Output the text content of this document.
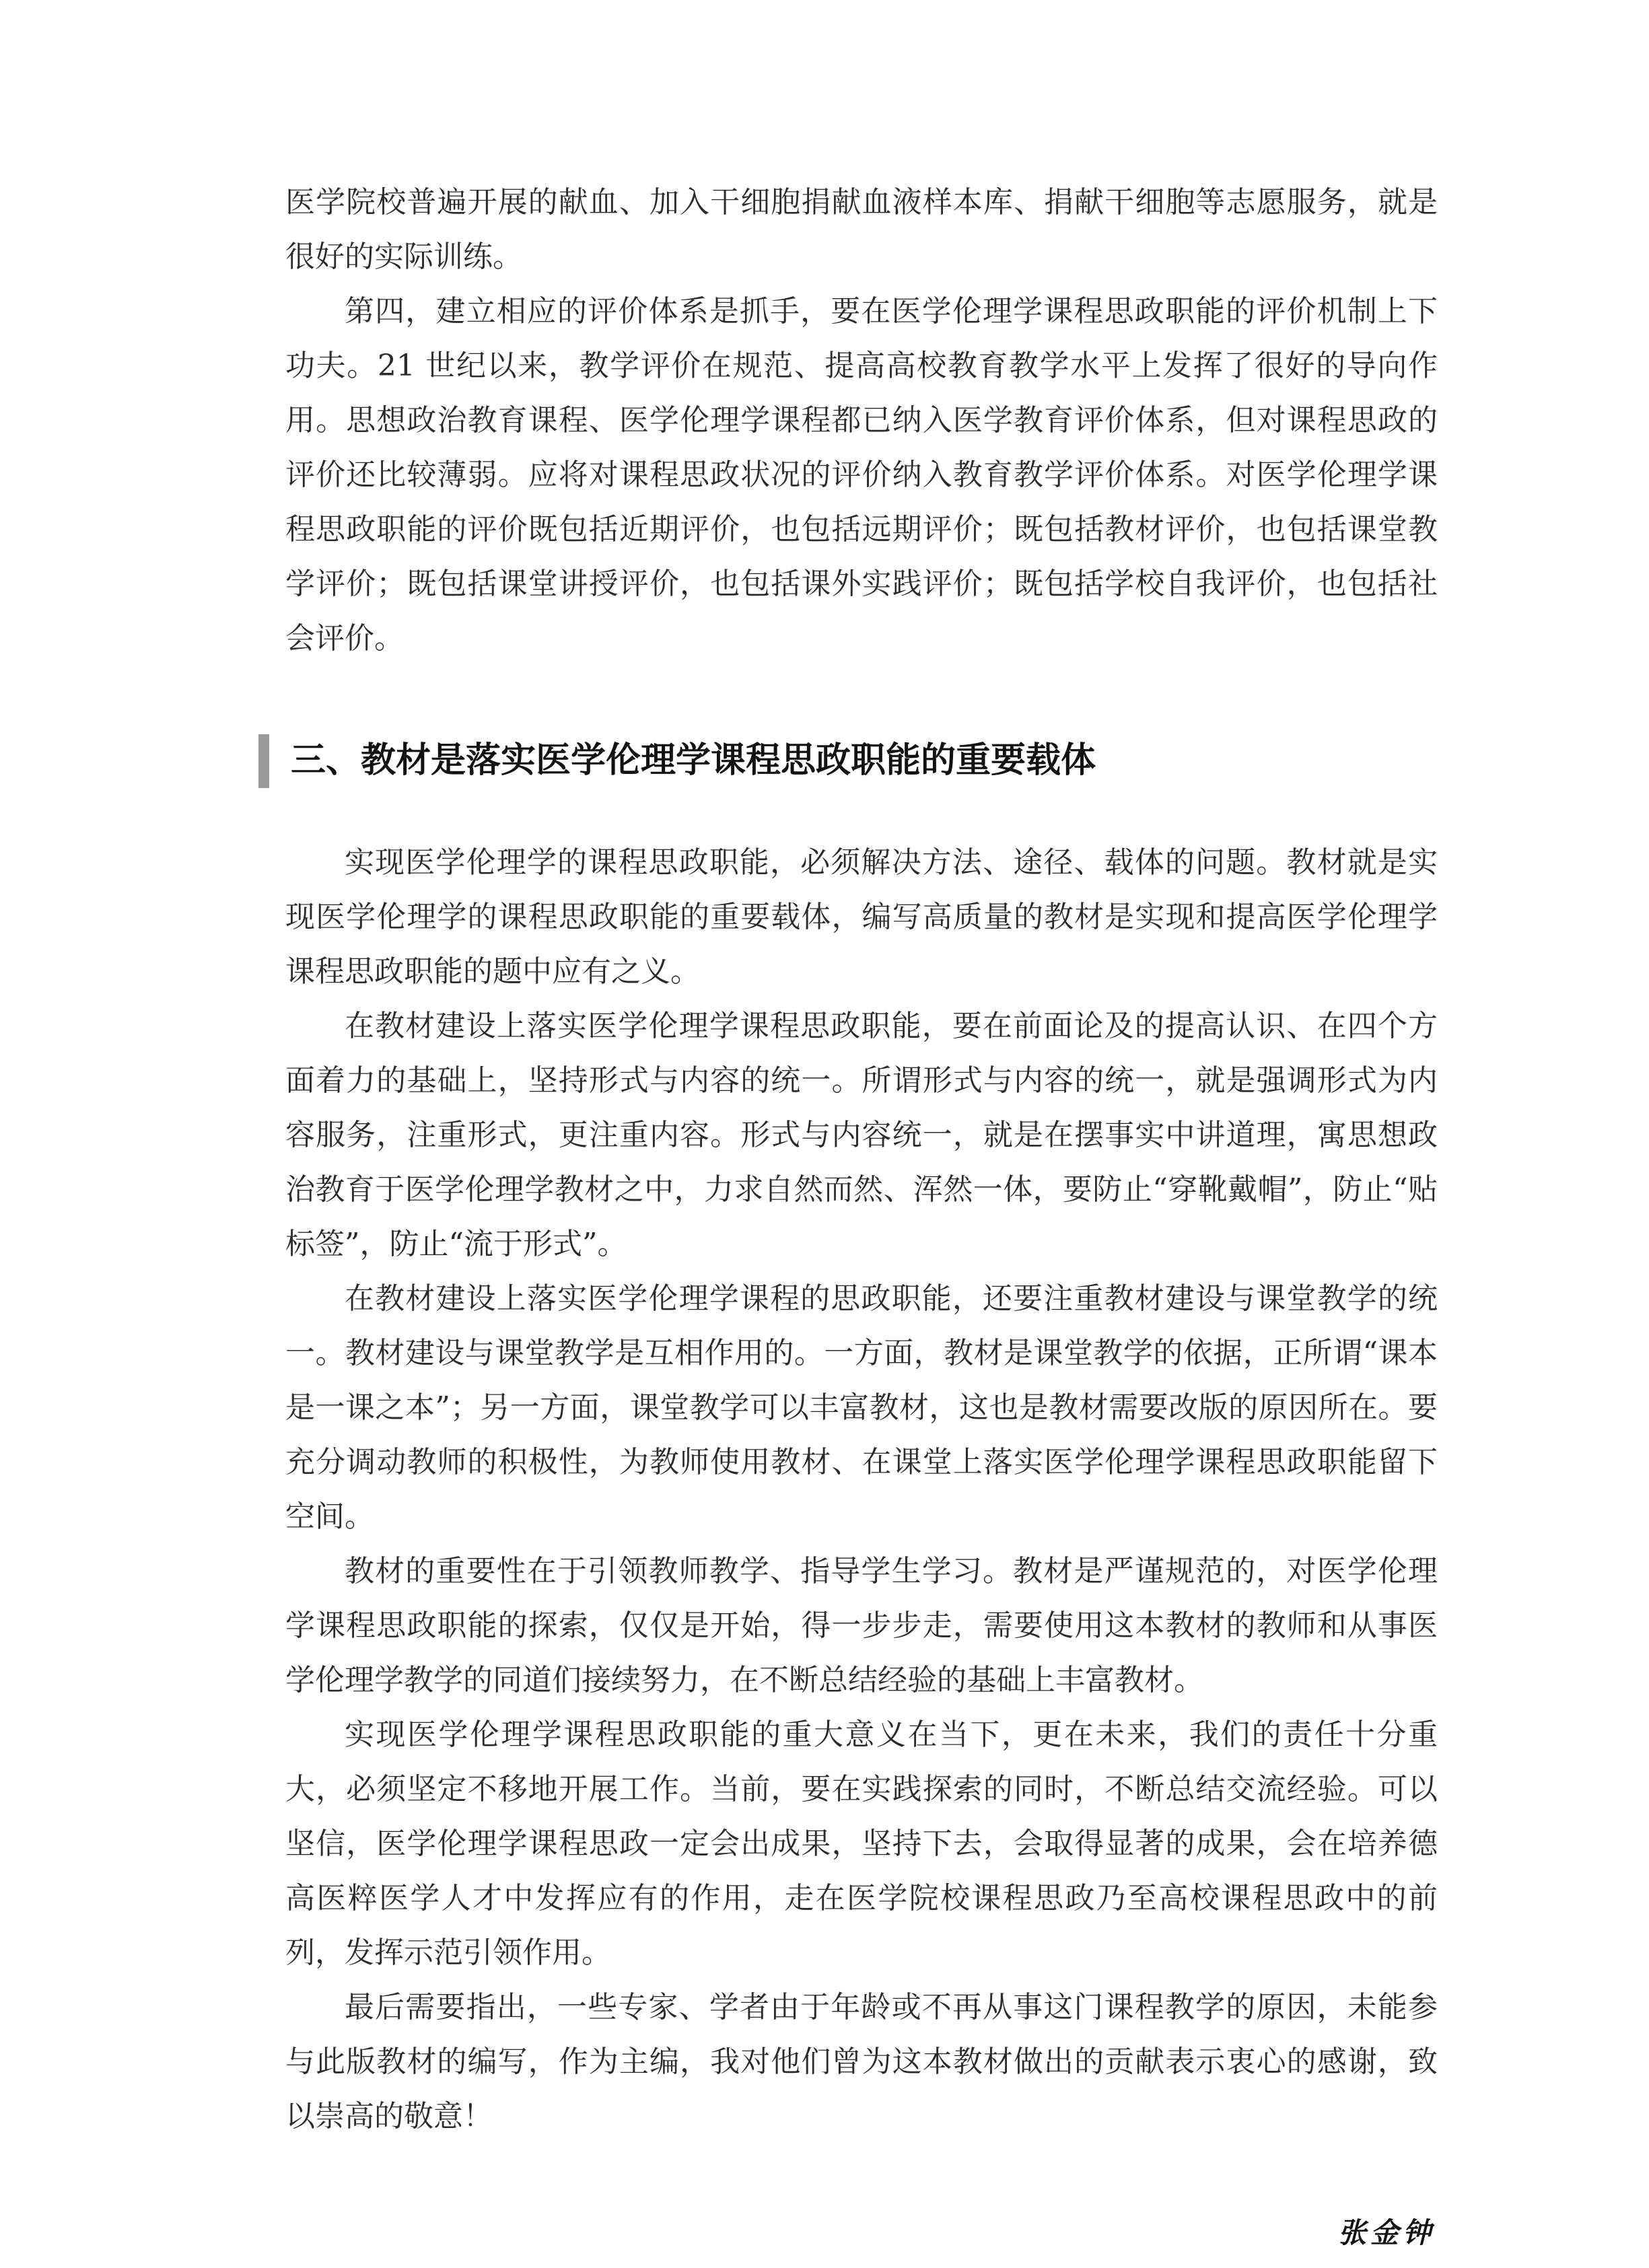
医学院校普遍开展的献血、加入干细胞捐献血液样本库、捐献干细胞等志愿服务，就是很好的实际训练。

第四，建立相应的评价体系是抓手，要在医学伦理学课程思政职能的评价机制上下功夫。21 世纪以来，教学评价在规范、提高高校教育教学水平上发挥了很好的导向作用。思想政治教育课程、医学伦理学课程都已纳入医学教育评价体系，但对课程思政的评价还比较薄弱。应将对课程思政状况的评价纳入教育教学评价体系。对医学伦理学课程思政职能的评价既包括近期评价，也包括远期评价；既包括教材评价，也包括课堂教学评价；既包括课堂讲授评价，也包括课外实践评价；既包括学校自我评价，也包括社会评价。

三、教材是落实医学伦理学课程思政职能的重要载体

实现医学伦理学的课程思政职能，必须解决方法、途径、载体的问题。教材就是实现医学伦理学的课程思政职能的重要载体，编写高质量的教材是实现和提高医学伦理学课程思政职能的题中应有之义。

在教材建设上落实医学伦理学课程思政职能，要在前面论及的提高认识、在四个方面着力的基础上，坚持形式与内容的统一。所谓形式与内容的统一，就是强调形式为内容服务，注重形式，更注重内容。形式与内容统一，就是在摆事实中讲道理，寓思想政治教育于医学伦理学教材之中，力求自然而然、浑然一体，要防止“穿靴戴帽”，防止“贴标签”，防止“流于形式”。

在教材建设上落实医学伦理学课程的思政职能，还要注重教材建设与课堂教学的统一。教材建设与课堂教学是互相作用的。一方面，教材是课堂教学的依据，正所谓“课本是一课之本”；另一方面，课堂教学可以丰富教材，这也是教材需要改版的原因所在。要充分调动教师的积极性，为教师使用教材、在课堂上落实医学伦理学课程思政职能留下空间。

教材的重要性在于引领教师教学、指导学生学习。教材是严谨规范的，对医学伦理学课程思政职能的探索，仅仅是开始，得一步步走，需要使用这本教材的教师和从事医学伦理学教学的同道们接续努力，在不断总结经验的基础上丰富教材。

实现医学伦理学课程思政职能的重大意义在当下，更在未来，我们的责任十分重大，必须坚定不移地开展工作。当前，要在实践探索的同时，不断总结交流经验。可以坚信，医学伦理学课程思政一定会出成果，坚持下去，会取得显著的成果，会在培养德高医粹医学人才中发挥应有的作用，走在医学院校课程思政乃至高校课程思政中的前列，发挥示范引领作用。

最后需要指出，一些专家、学者由于年龄或不再从事这门课程教学的原因，未能参与此版教材的编写，作为主编，我对他们曾为这本教材做出的贡献表示衷心的感谢，致以崇高的敬意！

张金钟
